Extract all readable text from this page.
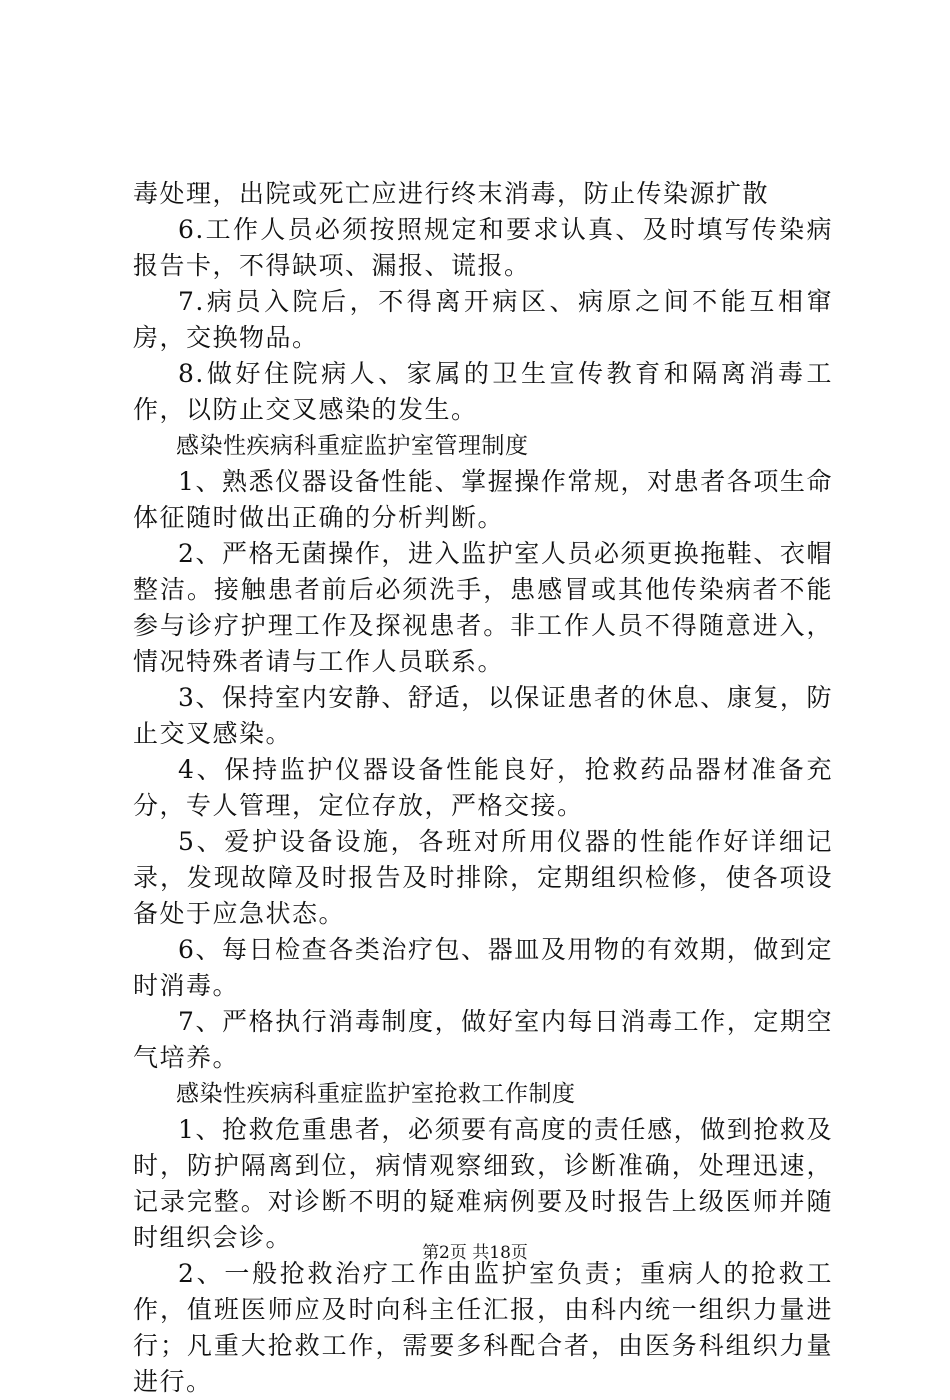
毒处理，出院或死亡应进行终末消毒，防止传染源扩散

6.工作人员必须按照规定和要求认真、及时填写传染病报告卡，不得缺项、漏报、谎报。

7.病员入院后，不得离开病区、病原之间不能互相窜房，交换物品。

8.做好住院病人、家属的卫生宣传教育和隔离消毒工作，以防止交叉感染的发生。

感染性疾病科重症监护室管理制度

1、熟悉仪器设备性能、掌握操作常规，对患者各项生命体征随时做出正确的分析判断。

2、严格无菌操作，进入监护室人员必须更换拖鞋、衣帽整洁。接触患者前后必须洗手，患感冒或其他传染病者不能参与诊疗护理工作及探视患者。非工作人员不得随意进入，情况特殊者请与工作人员联系。

3、保持室内安静、舒适，以保证患者的休息、康复，防止交叉感染。

4、保持监护仪器设备性能良好，抢救药品器材准备充分，专人管理，定位存放，严格交接。

5、爱护设备设施，各班对所用仪器的性能作好详细记录，发现故障及时报告及时排除，定期组织检修，使各项设备处于应急状态。

6、每日检查各类治疗包、器皿及用物的有效期，做到定时消毒。

7、严格执行消毒制度，做好室内每日消毒工作，定期空气培养。

感染性疾病科重症监护室抢救工作制度

1、抢救危重患者，必须要有高度的责任感，做到抢救及时，防护隔离到位，病情观察细致，诊断准确，处理迅速，记录完整。对诊断不明的疑难病例要及时报告上级医师并随时组织会诊。

2、一般抢救治疗工作由监护室负责；重病人的抢救工作，值班医师应及时向科主任汇报，由科内统一组织力量进行；凡重大抢救工作，需要多科配合者，由医务科组织力量进行。

第2页 共18页
